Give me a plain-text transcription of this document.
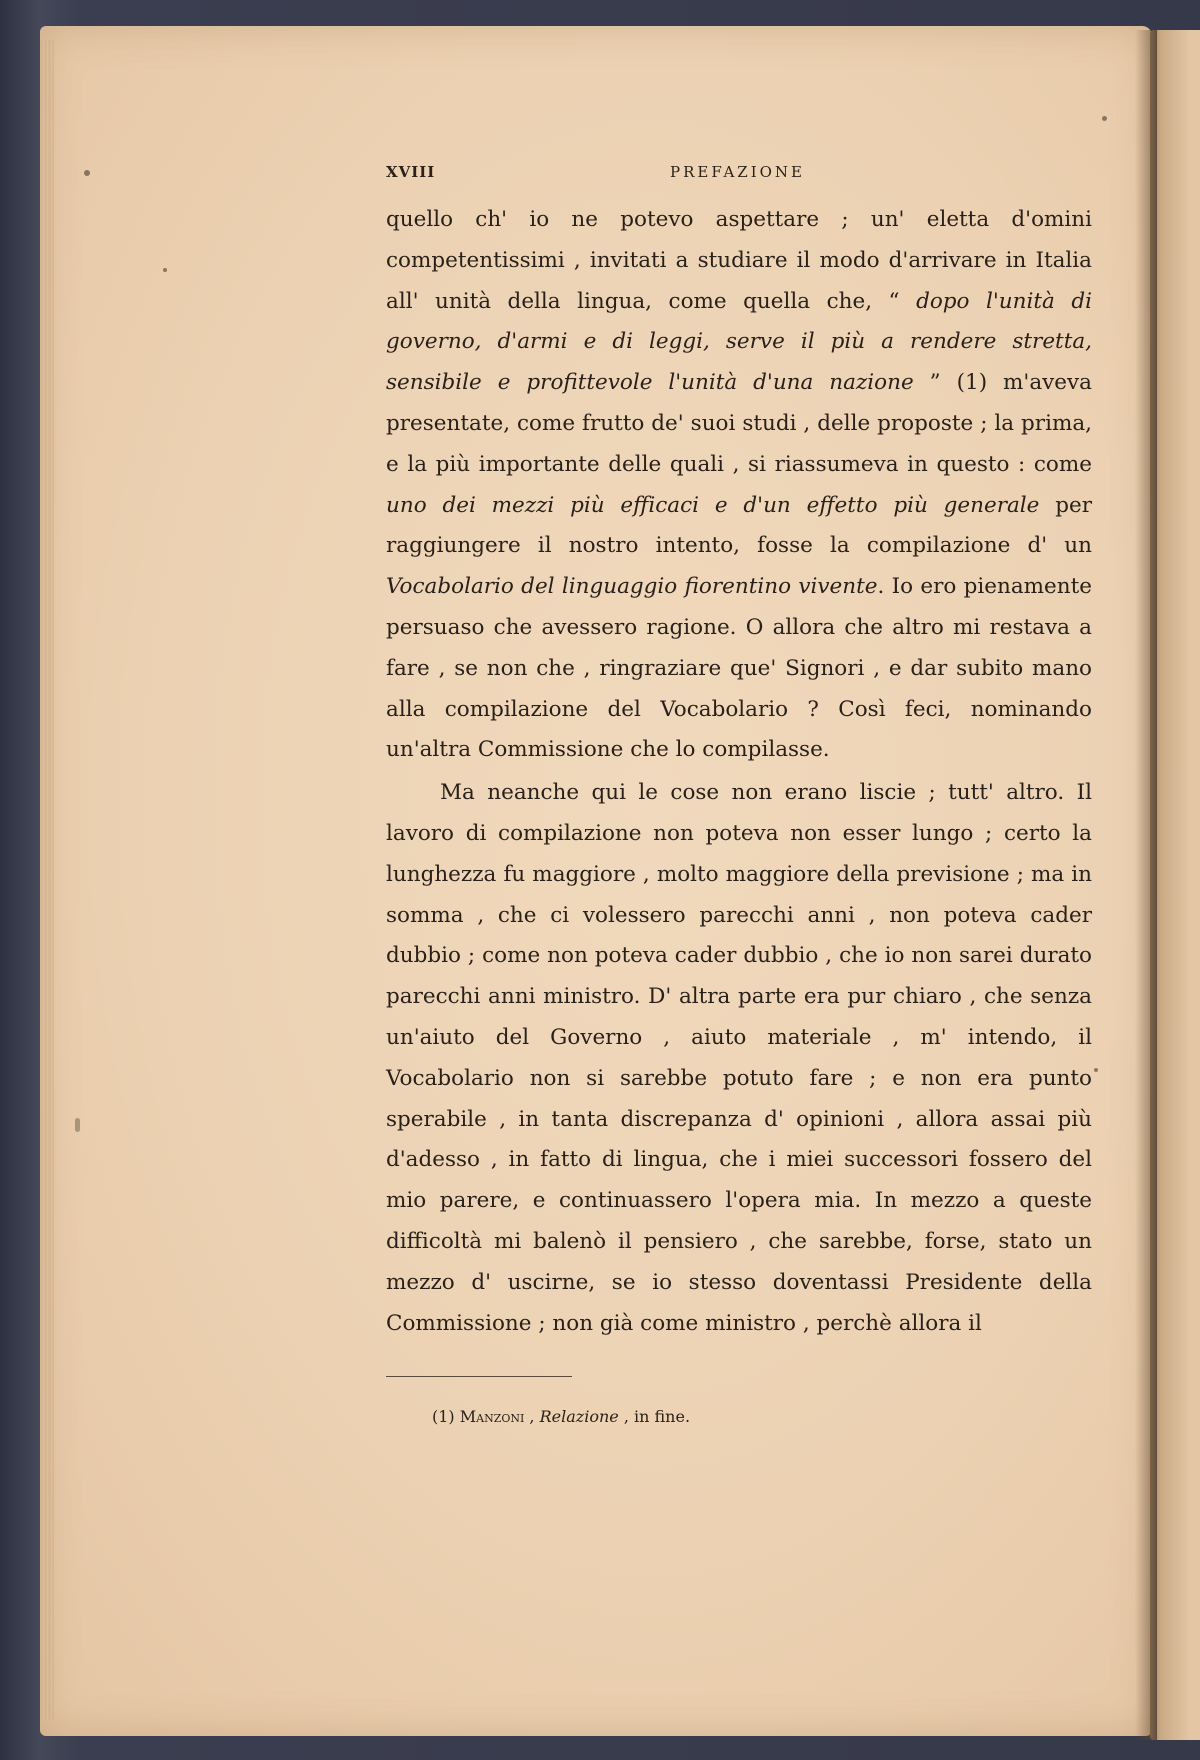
XVIII	PREFAZIONE

quello ch' io ne potevo aspettare ; un' eletta d'omini competentissimi , invitati a studiare il modo d'arrivare in Italia all' unità della lingua, come quella che, “ dopo l'unità di governo, d'armi e di leggi, serve il più a rendere stretta, sensibile e profittevole l'unità d'una nazione ” (1) m'aveva presentate, come frutto de' suoi studi , delle proposte ; la prima, e la più importante delle quali , si riassumeva in questo : come uno dei mezzi più efficaci e d'un effetto più generale per raggiungere il nostro intento, fosse la compilazione d' un Vocabolario del linguaggio fiorentino vivente. Io ero pienamente persuaso che avessero ragione. O allora che altro mi restava a fare , se non che , ringraziare que' Signori , e dar subito mano alla compilazione del Vocabolario ? Così feci, nominando un'altra Commissione che lo compilasse.

Ma neanche qui le cose non erano liscie ; tutt' altro. Il lavoro di compilazione non poteva non esser lungo ; certo la lunghezza fu maggiore , molto maggiore della previsione ; ma in somma , che ci volessero parecchi anni , non poteva cader dubbio ; come non poteva cader dubbio , che io non sarei durato parecchi anni ministro. D' altra parte era pur chiaro , che senza un'aiuto del Governo , aiuto materiale , m' intendo, il Vocabolario non si sarebbe potuto fare ; e non era punto sperabile , in tanta discrepanza d' opinioni , allora assai più d'adesso , in fatto di lingua, che i miei successori fossero del mio parere, e continuassero l'opera mia. In mezzo a queste difficoltà mi balenò il pensiero , che sarebbe, forse, stato un mezzo d' uscirne, se io stesso doventassi Presidente della Commissione ; non già come ministro , perchè allora il

(1) Manzoni , Relazione , in fine.
